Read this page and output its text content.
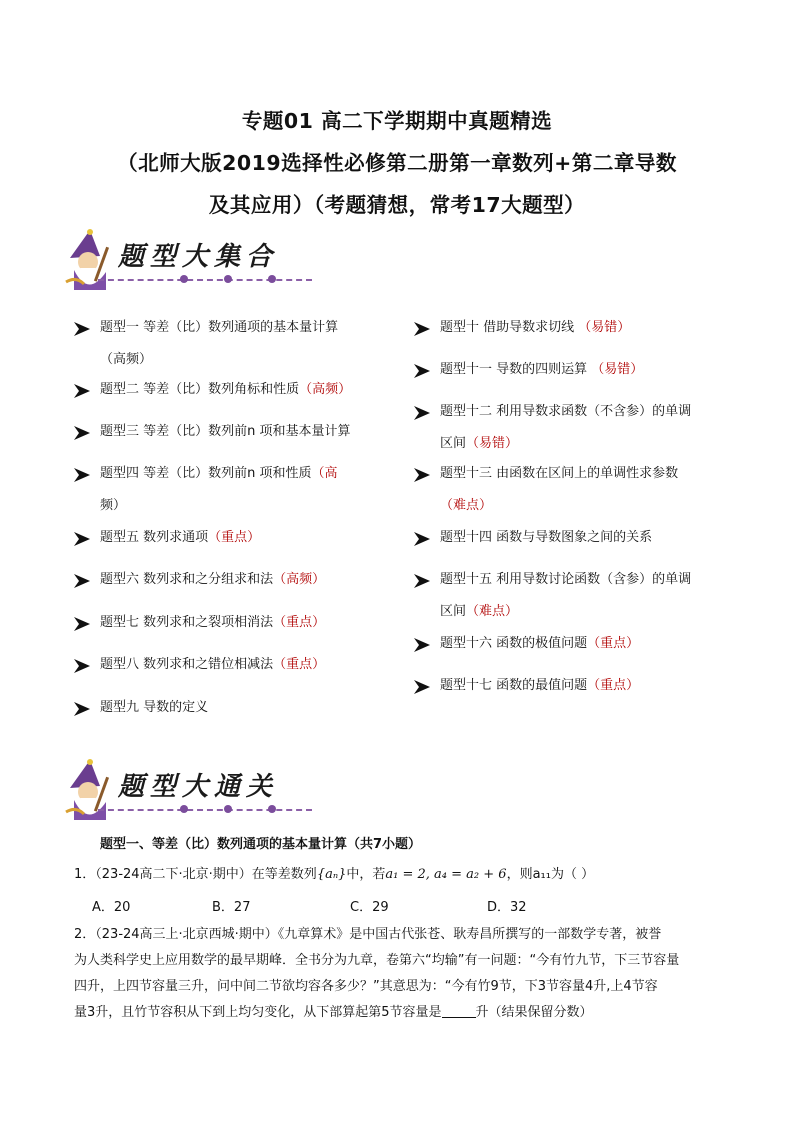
专题01 高二下学期期中真题精选
（北师大版2019选择性必修第二册第一章数列+第二章导数
及其应用）（考题猜想，常考17大题型）
题型大集合
题型一 等差（比）数列通项的基本量计算
（高频）
题型二 等差（比）数列角标和性质（高频）
题型三 等差（比）数列前n 项和基本量计算
题型四 等差（比）数列前n 项和性质（高
频）
题型五 数列求通项（重点）
题型六 数列求和之分组求和法（高频）
题型七 数列求和之裂项相消法（重点）
题型八 数列求和之错位相减法（重点）
题型九 导数的定义
题型十 借助导数求切线 （易错）
题型十一 导数的四则运算 （易错）
题型十二 利用导数求函数（不含参）的单调
区间（易错）
题型十三 由函数在区间上的单调性求参数
（难点）
题型十四 函数与导数图象之间的关系
题型十五 利用导数讨论函数（含参）的单调
区间（难点）
题型十六 函数的极值问题（重点）
题型十七 函数的最值问题（重点）
题型大通关
题型一、等差（比）数列通项的基本量计算（共7小题）
1．（23-24高二下·北京·期中）在等差数列{aₙ}中，若a₁ = 2, a₄ = a₂ + 6，则a₁₁为（ ）
A．20	B．27	C．29	D．32
2．（23-24高三上·北京西城·期中）《九章算术》是中国古代张苍、耿寿昌所撰写的一部数学专著，被誉
为人类科学史上应用数学的最早期峰．全书分为九章，卷第六“均输”有一问题：“今有竹九节，下三节容量
四升，上四节容量三升，问中间二节欲均容各多少？”其意思为：“今有竹9节，下3节容量4升,上4节容
量3升，且竹节容积从下到上均匀变化，从下部算起第5节容量是	升（结果保留分数）
